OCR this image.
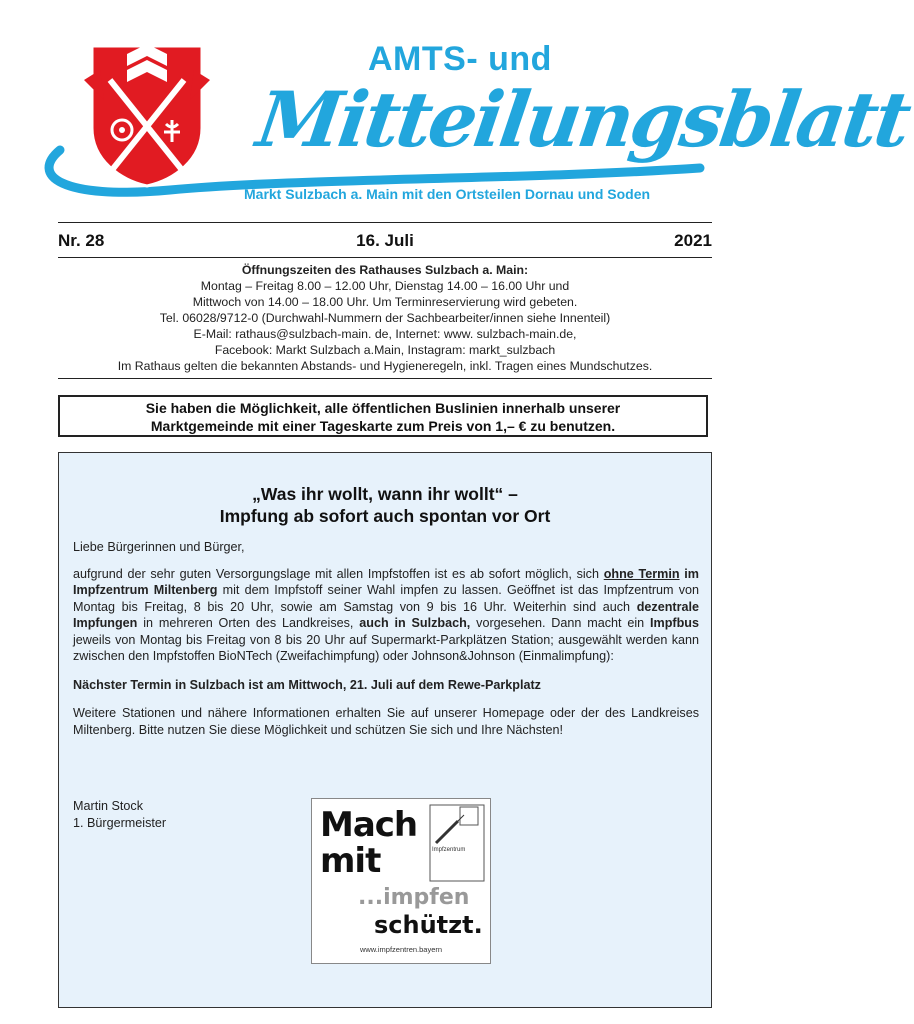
AMTS- und
Mitteilungsblatt
Markt Sulzbach a. Main mit den Ortsteilen Dornau und Soden
16. Juli
Nr. 28	2021
Öffnungszeiten des Rathauses Sulzbach a. Main:
Montag – Freitag 8.00 – 12.00 Uhr, Dienstag 14.00 – 16.00 Uhr und
Mittwoch von 14.00 – 18.00 Uhr. Um Terminreservierung wird gebeten.
Tel. 06028/9712-0 (Durchwahl-Nummern der Sachbearbeiter/innen siehe Innenteil)
E-Mail: rathaus@sulzbach-main. de, Internet: www. sulzbach-main.de,
Facebook: Markt Sulzbach a.Main, Instagram: markt_sulzbach
Im Rathaus gelten die bekannten Abstands- und Hygieneregeln, inkl. Tragen eines Mundschutzes.
Sie haben die Möglichkeit, alle öffentlichen Buslinien innerhalb unserer
Marktgemeinde mit einer Tageskarte zum Preis von 1,– € zu benutzen.
„Was ihr wollt, wann ihr wollt“ –
Impfung ab sofort auch spontan vor Ort

Liebe Bürgerinnen und Bürger,

aufgrund der sehr guten Versorgungslage mit allen Impfstoffen ist es ab sofort möglich, sich ohne Termin im Impfzentrum Miltenberg mit dem Impfstoff seiner Wahl impfen zu lassen. Geöffnet ist das Impfzentrum von Montag bis Freitag, 8 bis 20 Uhr, sowie am Samstag von 9 bis 16 Uhr. Weiterhin sind auch dezentrale Impfungen in mehreren Orten des Landkreises, auch in Sulzbach, vorgesehen. Dann macht ein Impfbus jeweils von Montag bis Freitag von 8 bis 20 Uhr auf Supermarkt-Parkplätzen Station; ausgewählt werden kann zwischen den Impfstoffen BioNTech (Zweifachimpfung) oder Johnson&Johnson (Einmalimpfung):

Nächster Termin in Sulzbach ist am Mittwoch, 21. Juli auf dem Rewe-Parkplatz

Weitere Stationen und nähere Informationen erhalten Sie auf unserer Homepage oder der des Landkreises Miltenberg. Bitte nutzen Sie diese Möglichkeit und schützen Sie sich und Ihre Nächsten!

Martin Stock
1. Bürgermeister	Mach
mit	Impfzentrum
...impfen
schützt.
www.impfzentren.bayern
